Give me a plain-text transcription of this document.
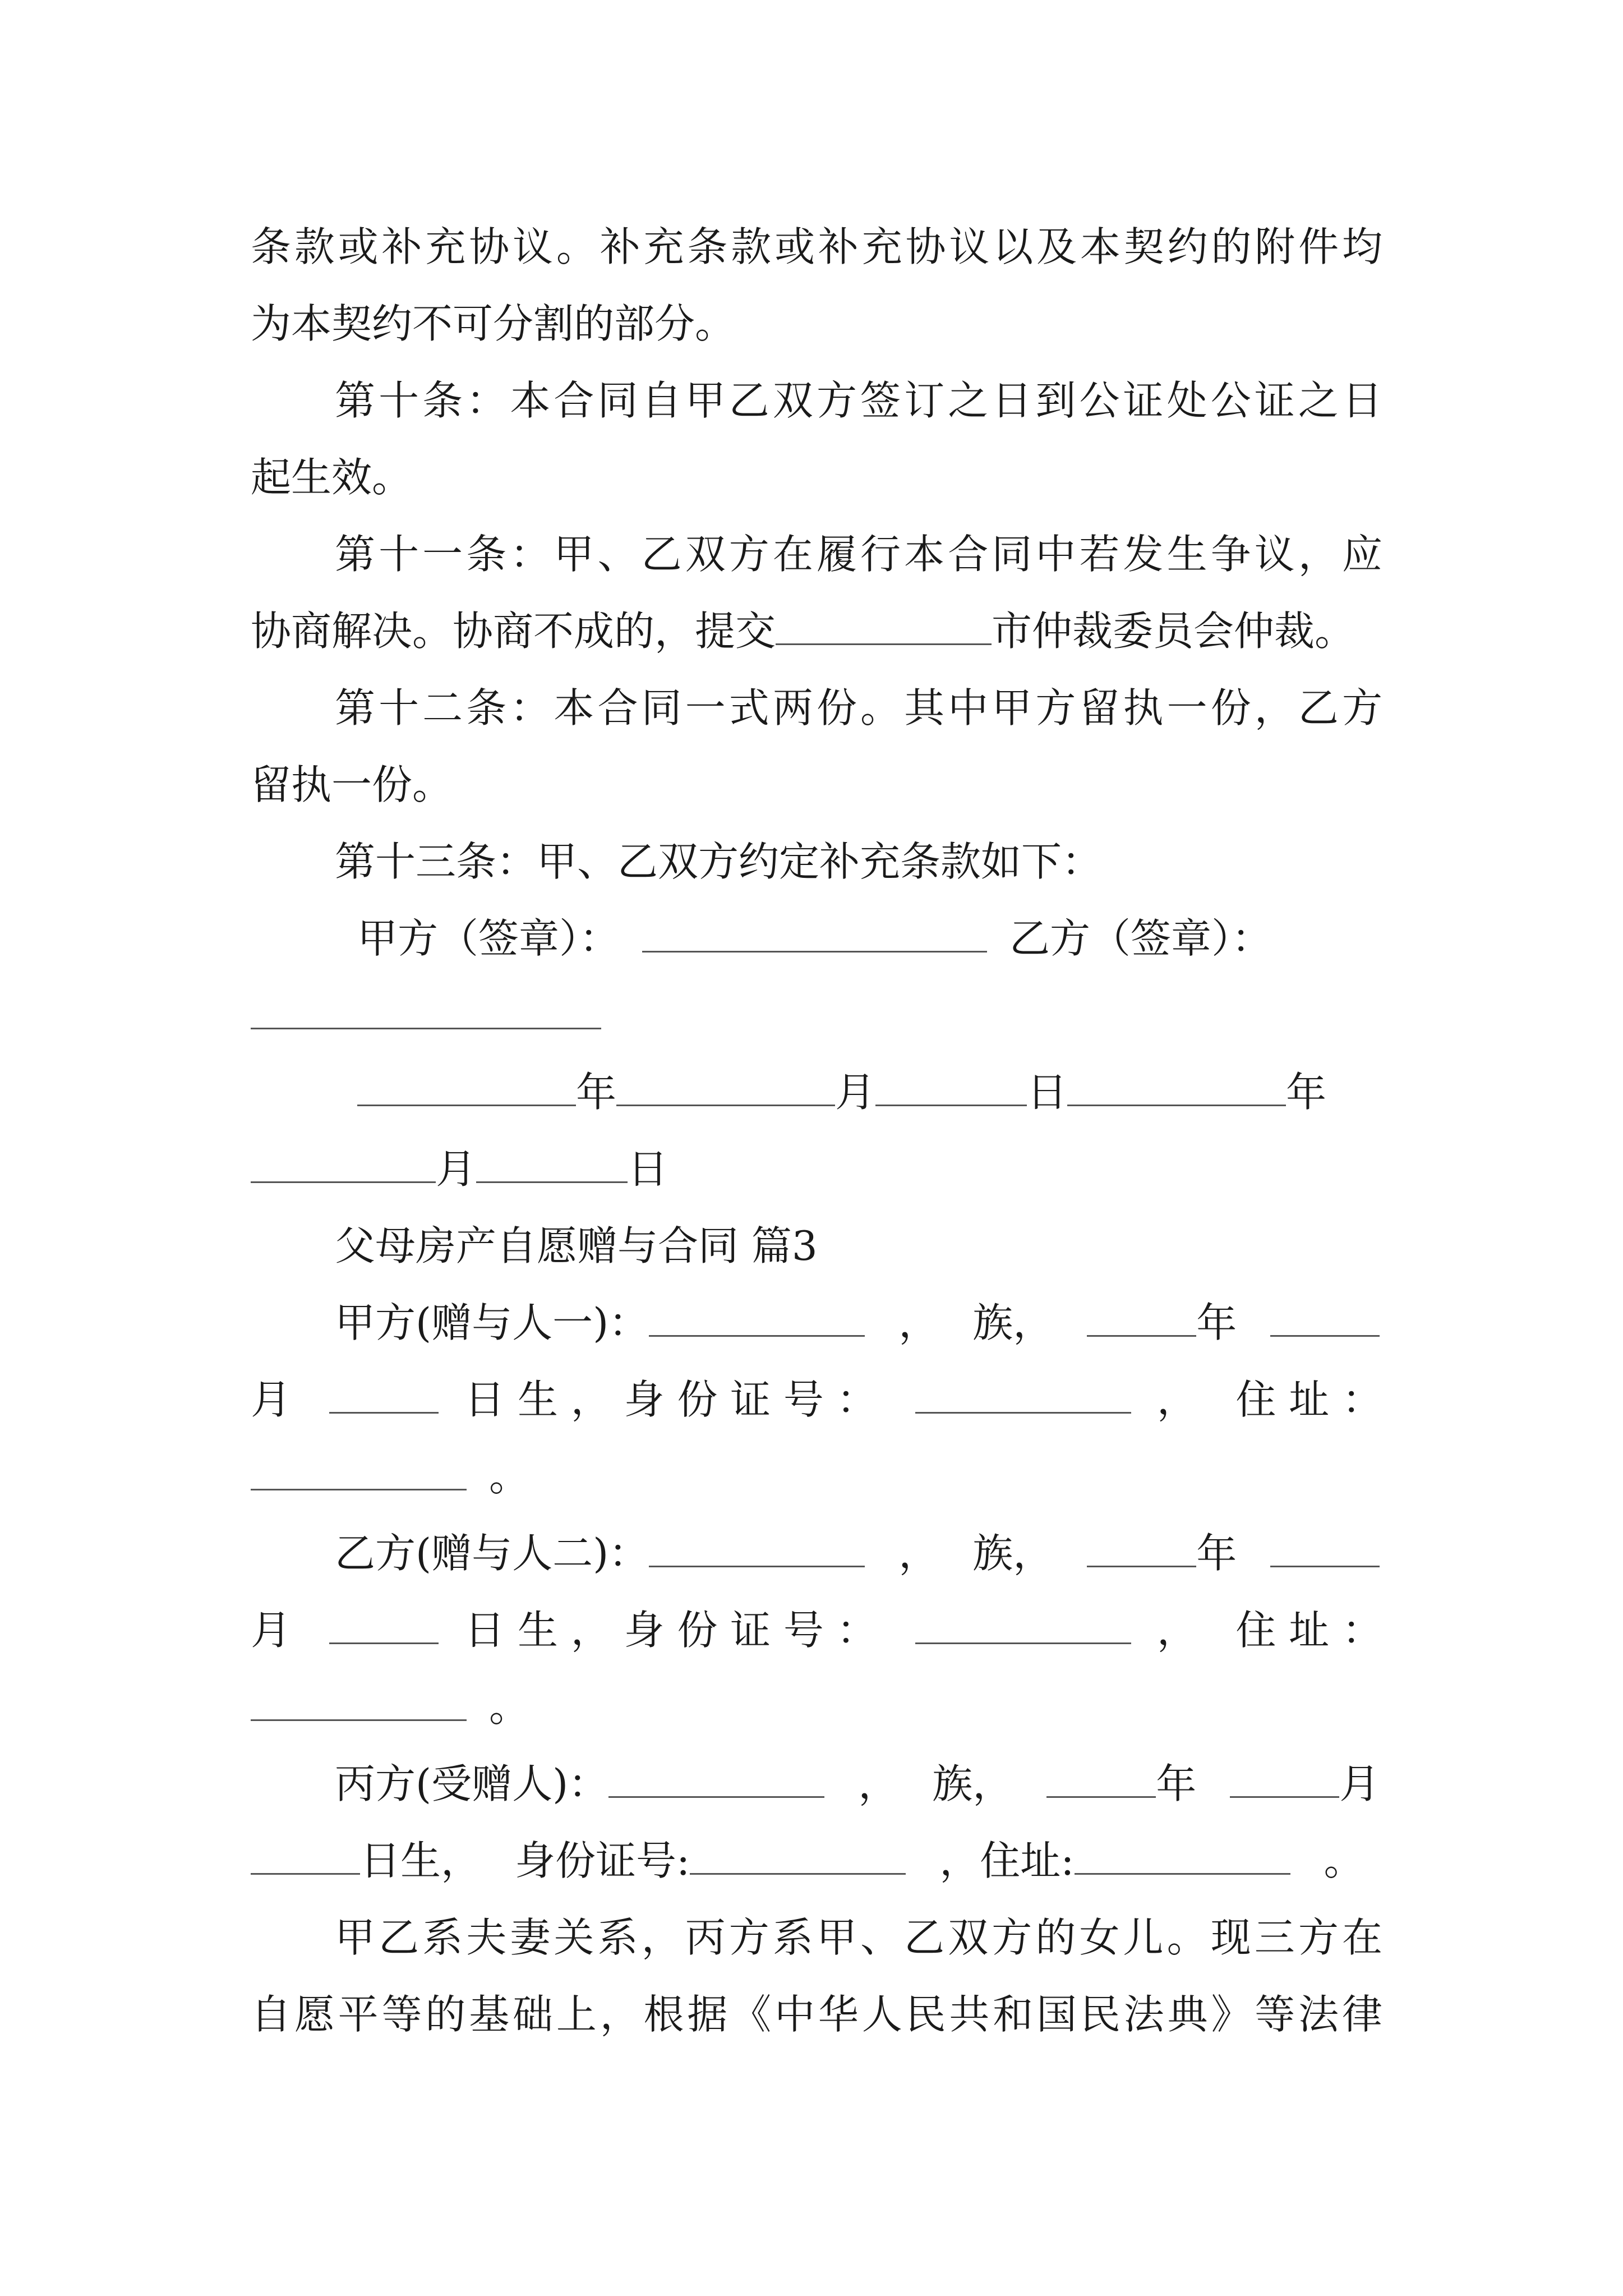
条款或补充协议。补充条款或补充协议以及本契约的附件均
为本契约不可分割的部分。
第十条：本合同自甲乙双方签订之日到公证处公证之日
起生效。
第十一条：甲、乙双方在履行本合同中若发生争议，应
协商解决。协商不成的，提交	市仲裁委员会仲裁。
第十二条：本合同一式两份。其中甲方留执一份，乙方
留执一份。
第十三条：甲、乙双方约定补充条款如下：
甲方（签章）：	乙方（签章）：
年	月	日	年
月	日
父母房产自愿赠与合同 篇3
甲方(赠与人一)：	， 族，	年
月	日生，身份证号：	， 住址：
。
乙方(赠与人二)：	， 族，	年
月	日生，身份证号：	， 住址：
。
丙方(受赠人)：	， 族，	年	月
日生， 身份证号:	，住址:	。
甲乙系夫妻关系，丙方系甲、乙双方的女儿。现三方在
自愿平等的基础上，根据《中华人民共和国民法典》等法律
